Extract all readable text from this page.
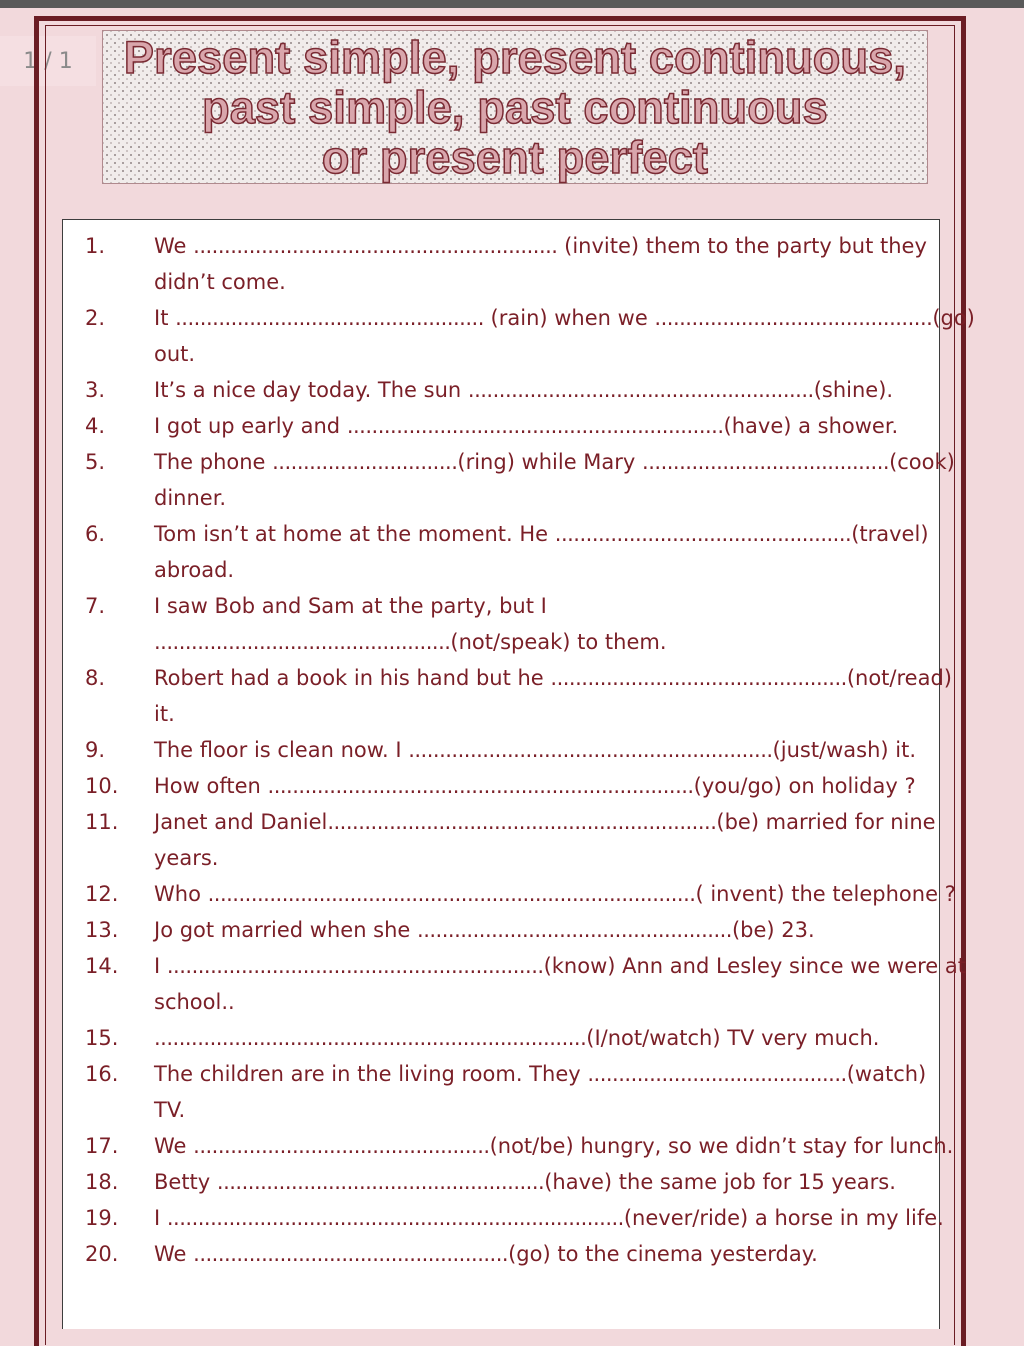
1 / 1	Present simple, present continuous,
past simple, past continuous
or present perfect
1. We ........................................................... (invite) them to the party but they
didn’t come.
2. It .................................................. (rain) when we .............................................(go)
out.
3. It’s a nice day today. The sun ........................................................(shine).
4. I got up early and .............................................................(have) a shower.
5. The phone ..............................(ring) while Mary ........................................(cook)
dinner.
6. Tom isn’t at home at the moment. He ................................................(travel)
abroad.
7. I saw Bob and Sam at the party, but I
................................................(not/speak) to them.
8. Robert had a book in his hand but he ................................................(not/read)
it.
9. The floor is clean now. I ...........................................................(just/wash) it.
10. How often .....................................................................(you/go) on holiday ?
11. Janet and Daniel...............................................................(be) married for nine
years.
12. Who ...............................................................................( invent) the telephone ?
13. Jo got married when she ...................................................(be) 23.
14. I .............................................................(know) Ann and Lesley since we were at
school..
15. ......................................................................(I/not/watch) TV very much.
16. The children are in the living room. They ..........................................(watch)
TV.
17. We ................................................(not/be) hungry, so we didn’t stay for lunch.
18. Betty .....................................................(have) the same job for 15 years.
19. I ..........................................................................(never/ride) a horse in my life.
20. We ...................................................(go) to the cinema yesterday.
